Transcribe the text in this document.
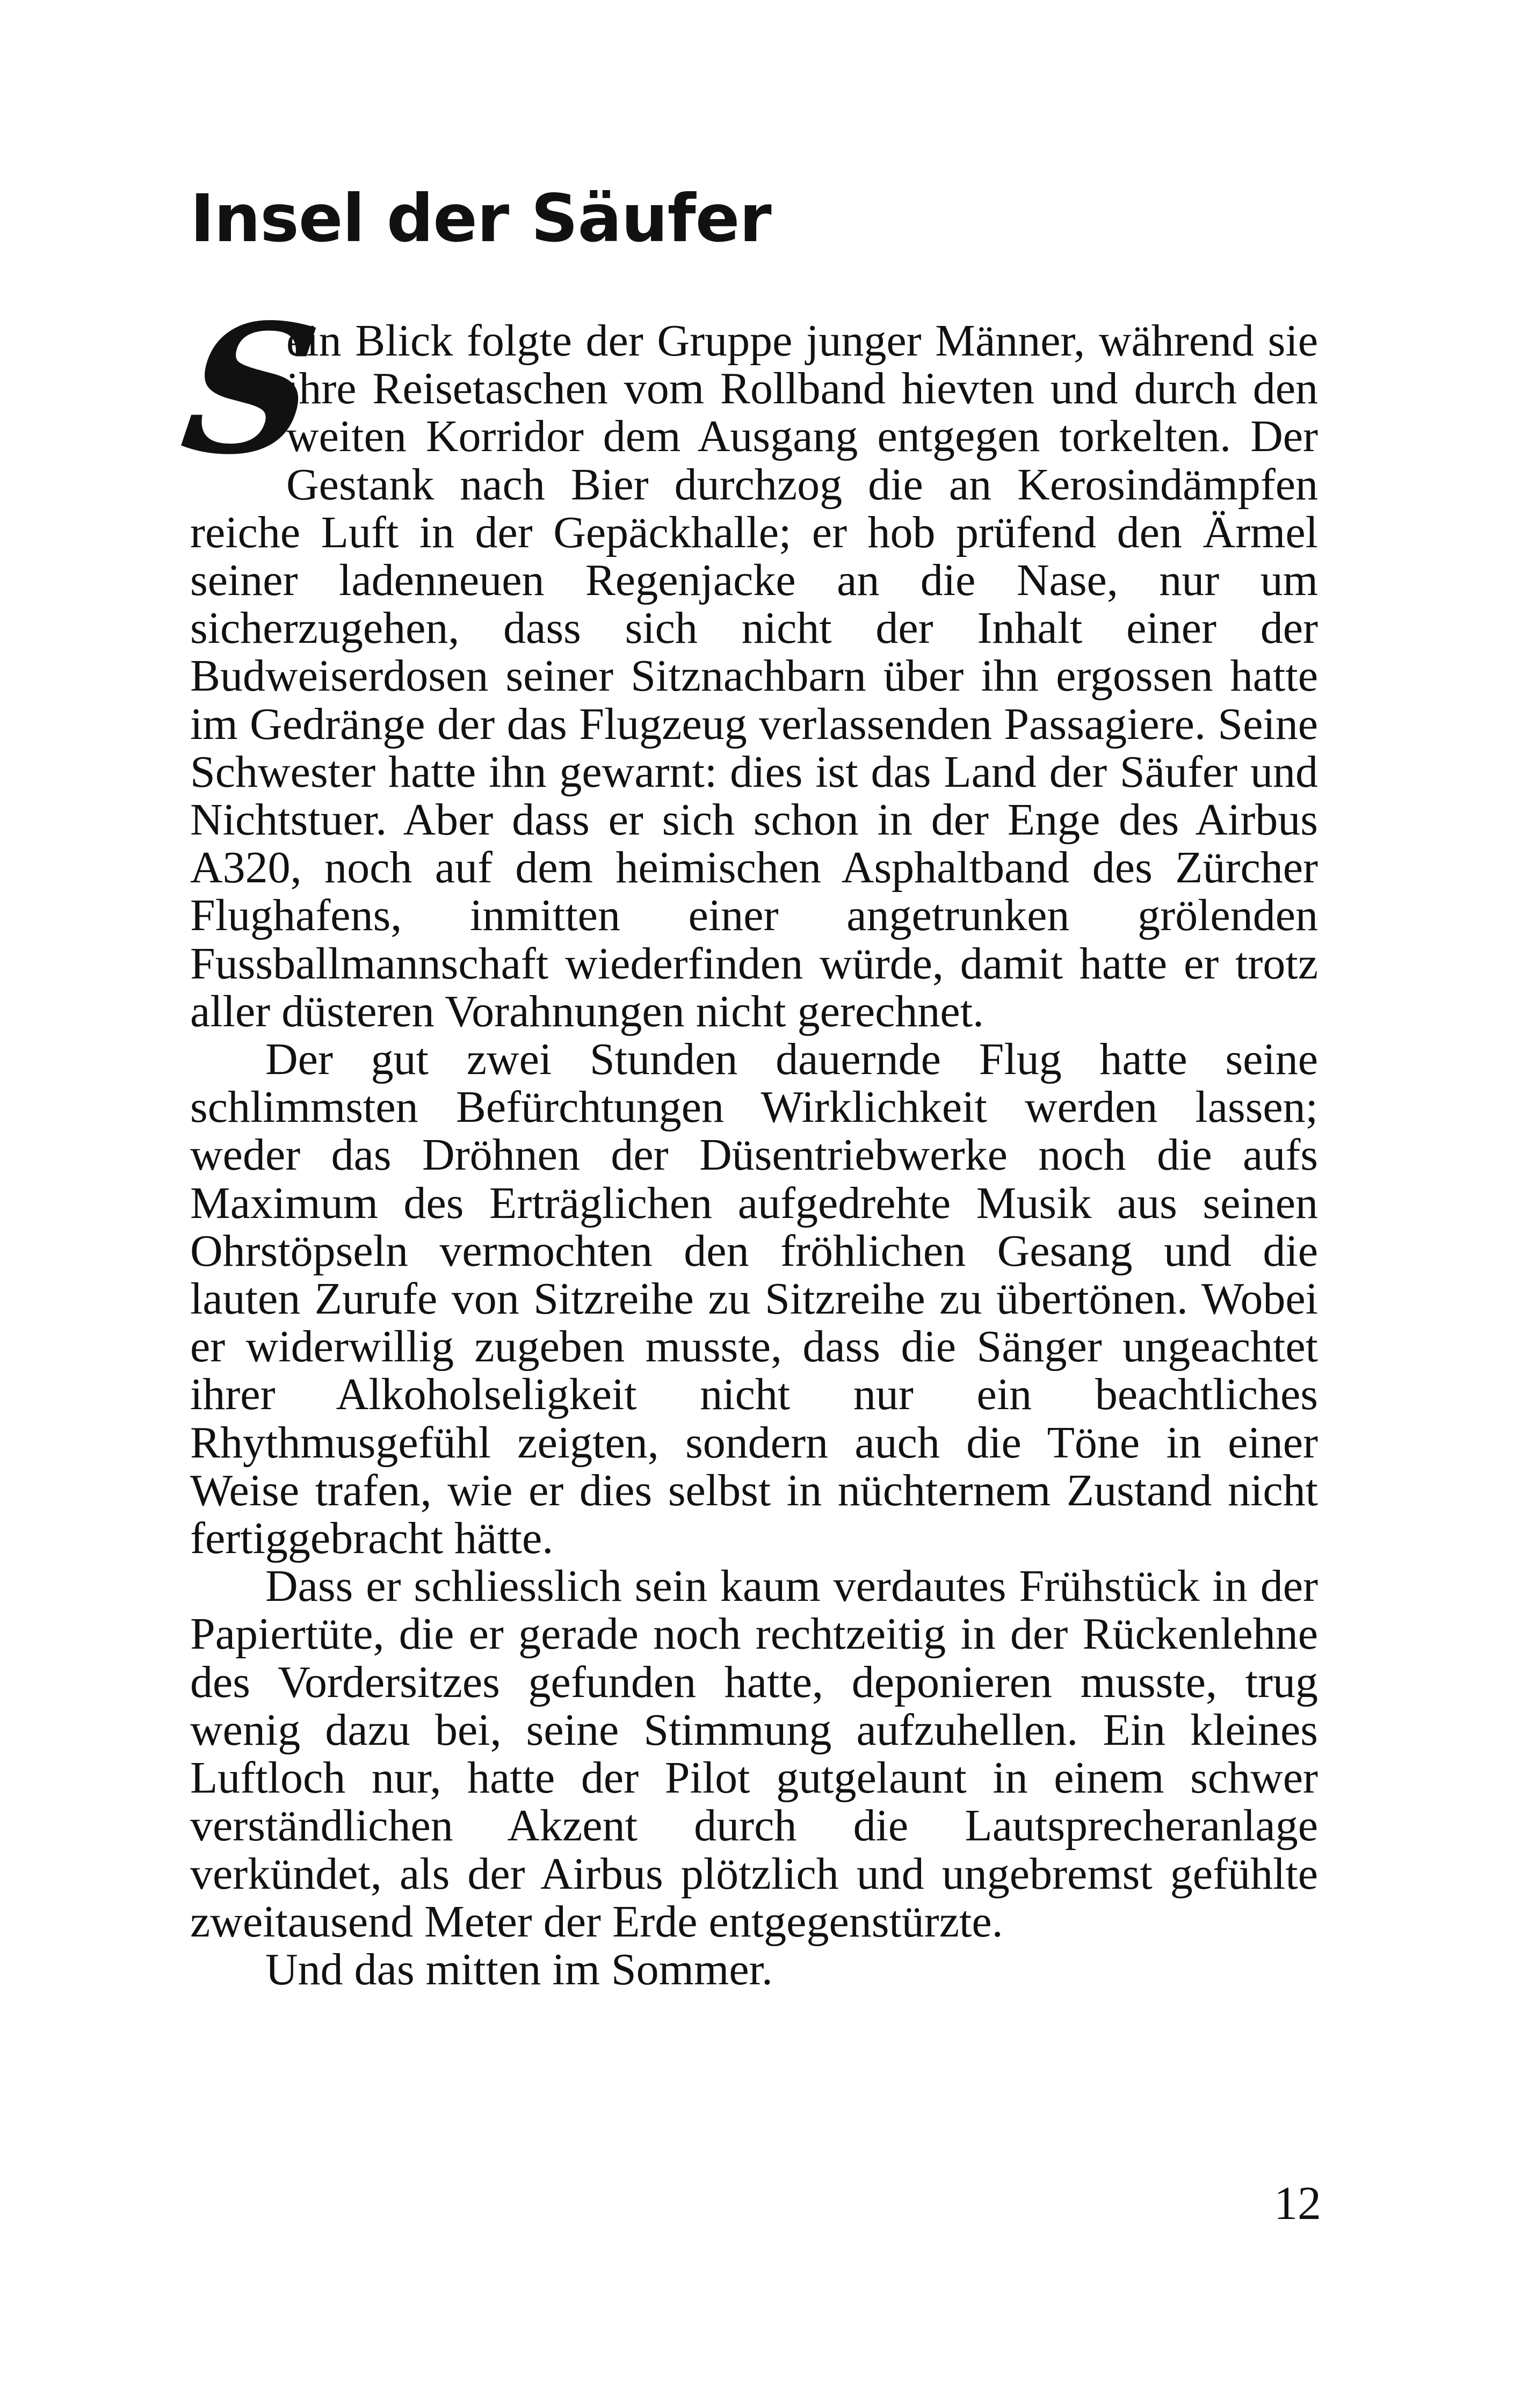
Insel der Säufer

S
ein Blick folgte der Gruppe junger Männer, während sie ihre Reisetaschen vom Rollband hievten und durch den weiten Korridor dem Ausgang entgegen torkelten. Der Gestank nach Bier durchzog die an Kerosindämpfen reiche Luft in der Gepäckhalle; er hob prüfend den Ärmel seiner ladenneuen Regenjacke an die Nase, nur um sicherzugehen, dass sich nicht der Inhalt einer der Budweiserdosen seiner Sitznachbarn über ihn ergossen hatte im Gedränge der das Flugzeug verlassenden Passagiere. Seine Schwester hatte ihn gewarnt: dies ist das Land der Säufer und Nichtstuer. Aber dass er sich schon in der Enge des Airbus A320, noch auf dem heimischen Asphaltband des Zürcher Flughafens, inmitten einer angetrunken grölenden Fussballmannschaft wiederfinden würde, damit hatte er trotz aller düsteren Vorahnungen nicht gerechnet.

Der gut zwei Stunden dauernde Flug hatte seine schlimmsten Befürchtungen Wirklichkeit werden lassen; weder das Dröhnen der Düsentriebwerke noch die aufs Maximum des Erträglichen aufgedrehte Musik aus seinen Ohrstöpseln vermochten den fröhlichen Gesang und die lauten Zurufe von Sitzreihe zu Sitzreihe zu übertönen. Wobei er widerwillig zugeben musste, dass die Sänger ungeachtet ihrer Alkoholseligkeit nicht nur ein beachtliches Rhythmusgefühl zeigten, sondern auch die Töne in einer Weise trafen, wie er dies selbst in nüchternem Zustand nicht fertiggebracht hätte.

Dass er schliesslich sein kaum verdautes Frühstück in der Papiertüte, die er gerade noch rechtzeitig in der Rückenlehne des Vordersitzes gefunden hatte, deponieren musste, trug wenig dazu bei, seine Stimmung aufzuhellen. Ein kleines Luftloch nur, hatte der Pilot gutgelaunt in einem schwer verständlichen Akzent durch die Lautsprecheranlage verkündet, als der Airbus plötzlich und ungebremst gefühlte zweitausend Meter der Erde entgegenstürzte.

Und das mitten im Sommer.

12
